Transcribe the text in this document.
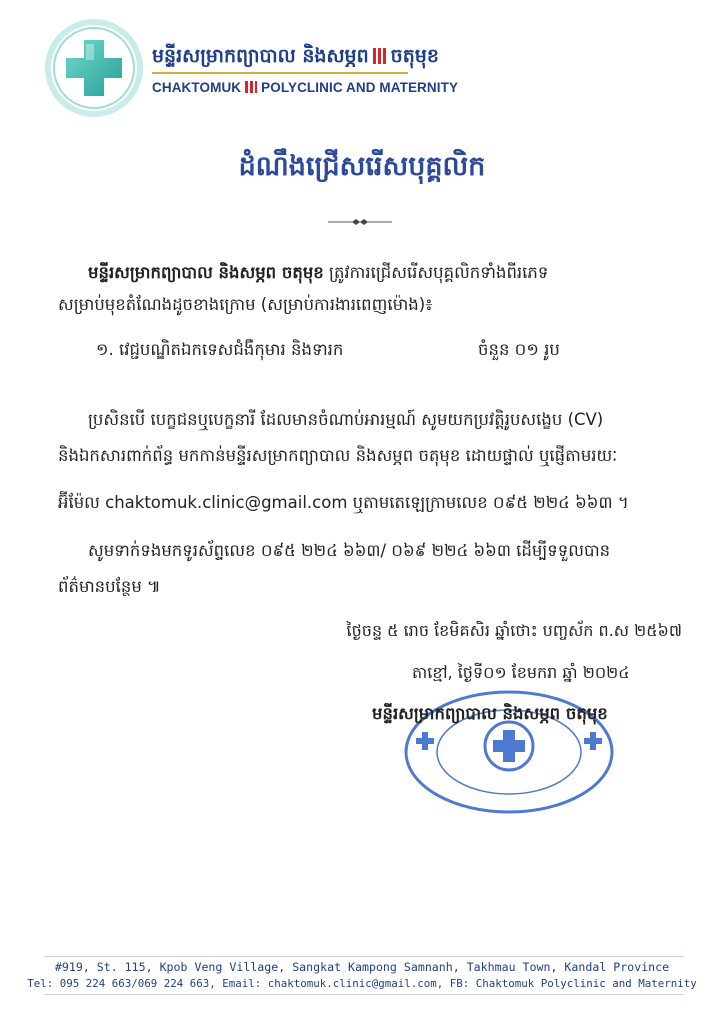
មន្ទីរសម្រាកព្យាបាល និងសម្ភព ចតុមុខ
CHAKTOMUK POLYCLINIC AND MATERNITY
ដំណឹងជ្រើសរើសបុគ្គលិក
មន្ទីរសម្រាកព្យាបាល និងសម្ភព ចតុមុខ ត្រូវការជ្រើសរើសបុគ្គលិកទាំងពីរភេទ
សម្រាប់មុខតំណែងដូចខាងក្រោម (សម្រាប់ការងារពេញម៉ោង)៖
១. វេជ្ជបណ្ឌិតឯកទេសជំងឺកុមារ និងទារក	ចំនួន ០១ រូប
ប្រសិនបើ បេក្ខជនឬបេក្ខនារី ដែលមានចំណាប់អារម្មណ៍ សូមយកប្រវត្តិរូបសង្ខេប (CV)
និងឯកសារពាក់ព័ន្ធ មកកាន់មន្ទីរសម្រាកព្យាបាល និងសម្ភព ចតុមុខ ដោយផ្ទាល់ ឬផ្ញើតាមរយៈ
អ៊ីម៉ែល chaktomuk.clinic@gmail.com ឬតាមតេឡេក្រាមលេខ ០៩៥ ២២៤ ៦៦៣ ។
សូមទាក់ទងមកទូរស័ព្ទលេខ ០៩៥ ២២៤ ៦៦៣/ ០៦៩ ២២៤ ៦៦៣ ដើម្បីទទួលបាន
ព័ត៌មានបន្ថែម ៕
ថ្ងៃចន្ទ ៥ រោច ខែមិគសិរ ឆ្នាំថោះ បញ្ចស័ក ព.ស ២៥៦៧
តាខ្មៅ, ថ្ងៃទី០១ ខែមករា ឆ្នាំ ២០២៤
មន្ទីរសម្រាកព្យាបាល និងសម្ភព ចតុមុខ
#919, St. 115, Kpob Veng Village, Sangkat Kampong Samnanh, Takhmau Town, Kandal Province
Tel: 095 224 663/069 224 663, Email: chaktomuk.clinic@gmail.com, FB: Chaktomuk Polyclinic and Maternity
